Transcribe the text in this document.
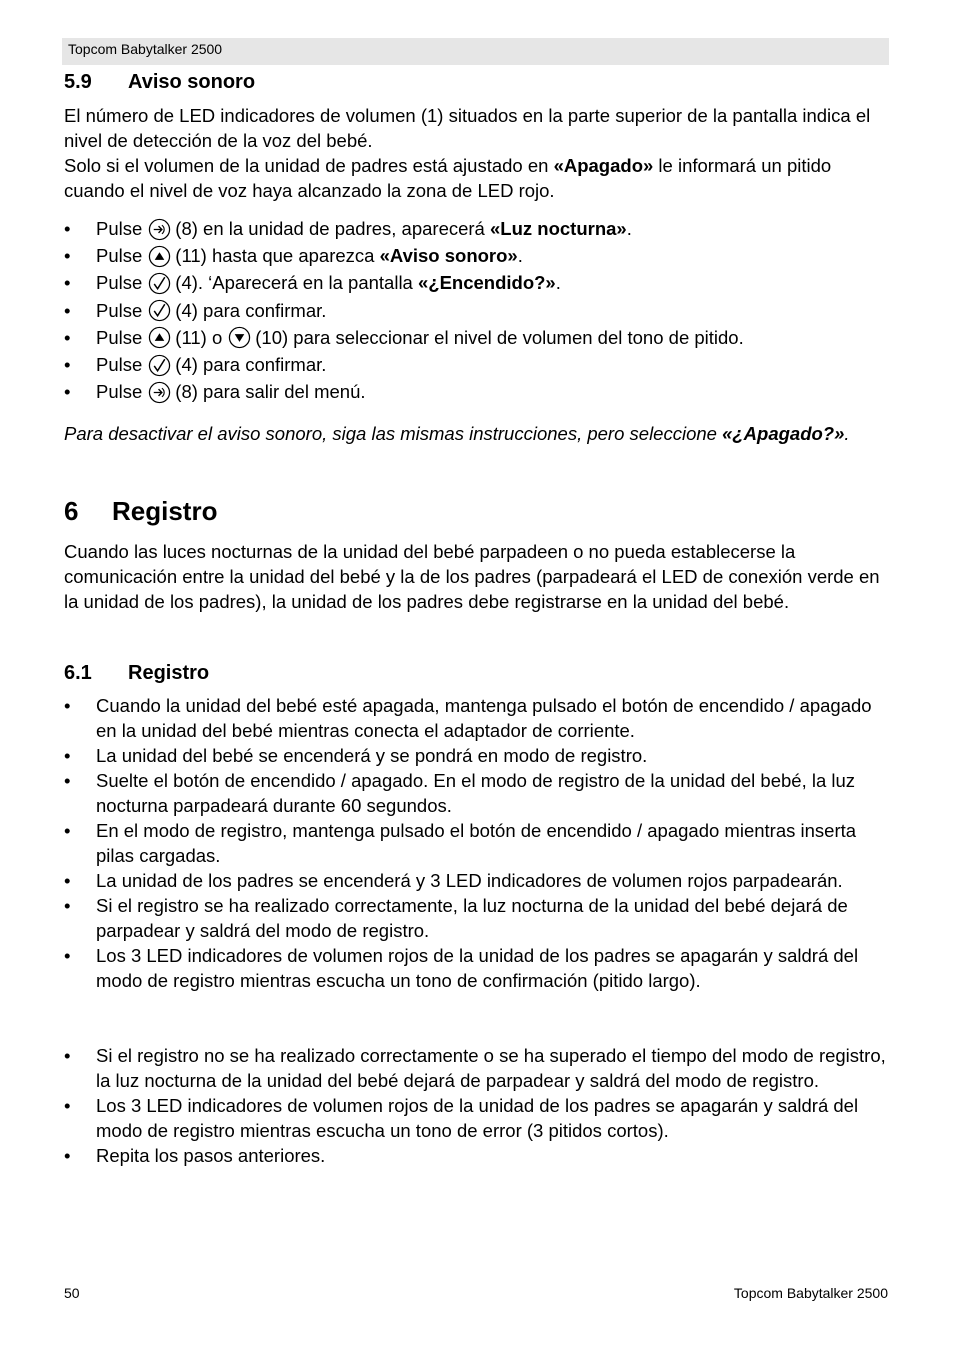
Topcom Babytalker 2500
5.9 Aviso sonoro
El número de LED indicadores de volumen (1) situados en la parte superior de la pantalla indica el nivel de detección de la voz del bebé.
Solo si el volumen de la unidad de padres está ajustado en «Apagado» le informará un pitido cuando el nivel de voz haya alcanzado la zona de LED rojo.
• Pulse (8) en la unidad de padres, aparecerá «Luz nocturna».
• Pulse (11) hasta que aparezca «Aviso sonoro».
• Pulse (4). ‘Aparecerá en la pantalla «¿Encendido?».
• Pulse (4) para confirmar.
• Pulse (11) o (10) para seleccionar el nivel de volumen del tono de pitido.
• Pulse (4) para confirmar.
• Pulse (8) para salir del menú.
Para desactivar el aviso sonoro, siga las mismas instrucciones, pero seleccione «¿Apagado?».
6 Registro
Cuando las luces nocturnas de la unidad del bebé parpadeen o no pueda establecerse la comunicación entre la unidad del bebé y la de los padres (parpadeará el LED de conexión verde en la unidad de los padres), la unidad de los padres debe registrarse en la unidad del bebé.
6.1 Registro
• Cuando la unidad del bebé esté apagada, mantenga pulsado el botón de encendido / apagado en la unidad del bebé mientras conecta el adaptador de corriente.
• La unidad del bebé se encenderá y se pondrá en modo de registro.
• Suelte el botón de encendido / apagado. En el modo de registro de la unidad del bebé, la luz nocturna parpadeará durante 60 segundos.
• En el modo de registro, mantenga pulsado el botón de encendido / apagado mientras inserta pilas cargadas.
• La unidad de los padres se encenderá y 3 LED indicadores de volumen rojos parpadearán.
• Si el registro se ha realizado correctamente, la luz nocturna de la unidad del bebé dejará de parpadear y saldrá del modo de registro.
• Los 3 LED indicadores de volumen rojos de la unidad de los padres se apagarán y saldrá del modo de registro mientras escucha un tono de confirmación (pitido largo).
• Si el registro no se ha realizado correctamente o se ha superado el tiempo del modo de registro, la luz nocturna de la unidad del bebé dejará de parpadear y saldrá del modo de registro.
• Los 3 LED indicadores de volumen rojos de la unidad de los padres se apagarán y saldrá del modo de registro mientras escucha un tono de error (3 pitidos cortos).
• Repita los pasos anteriores.
50	Topcom Babytalker 2500
